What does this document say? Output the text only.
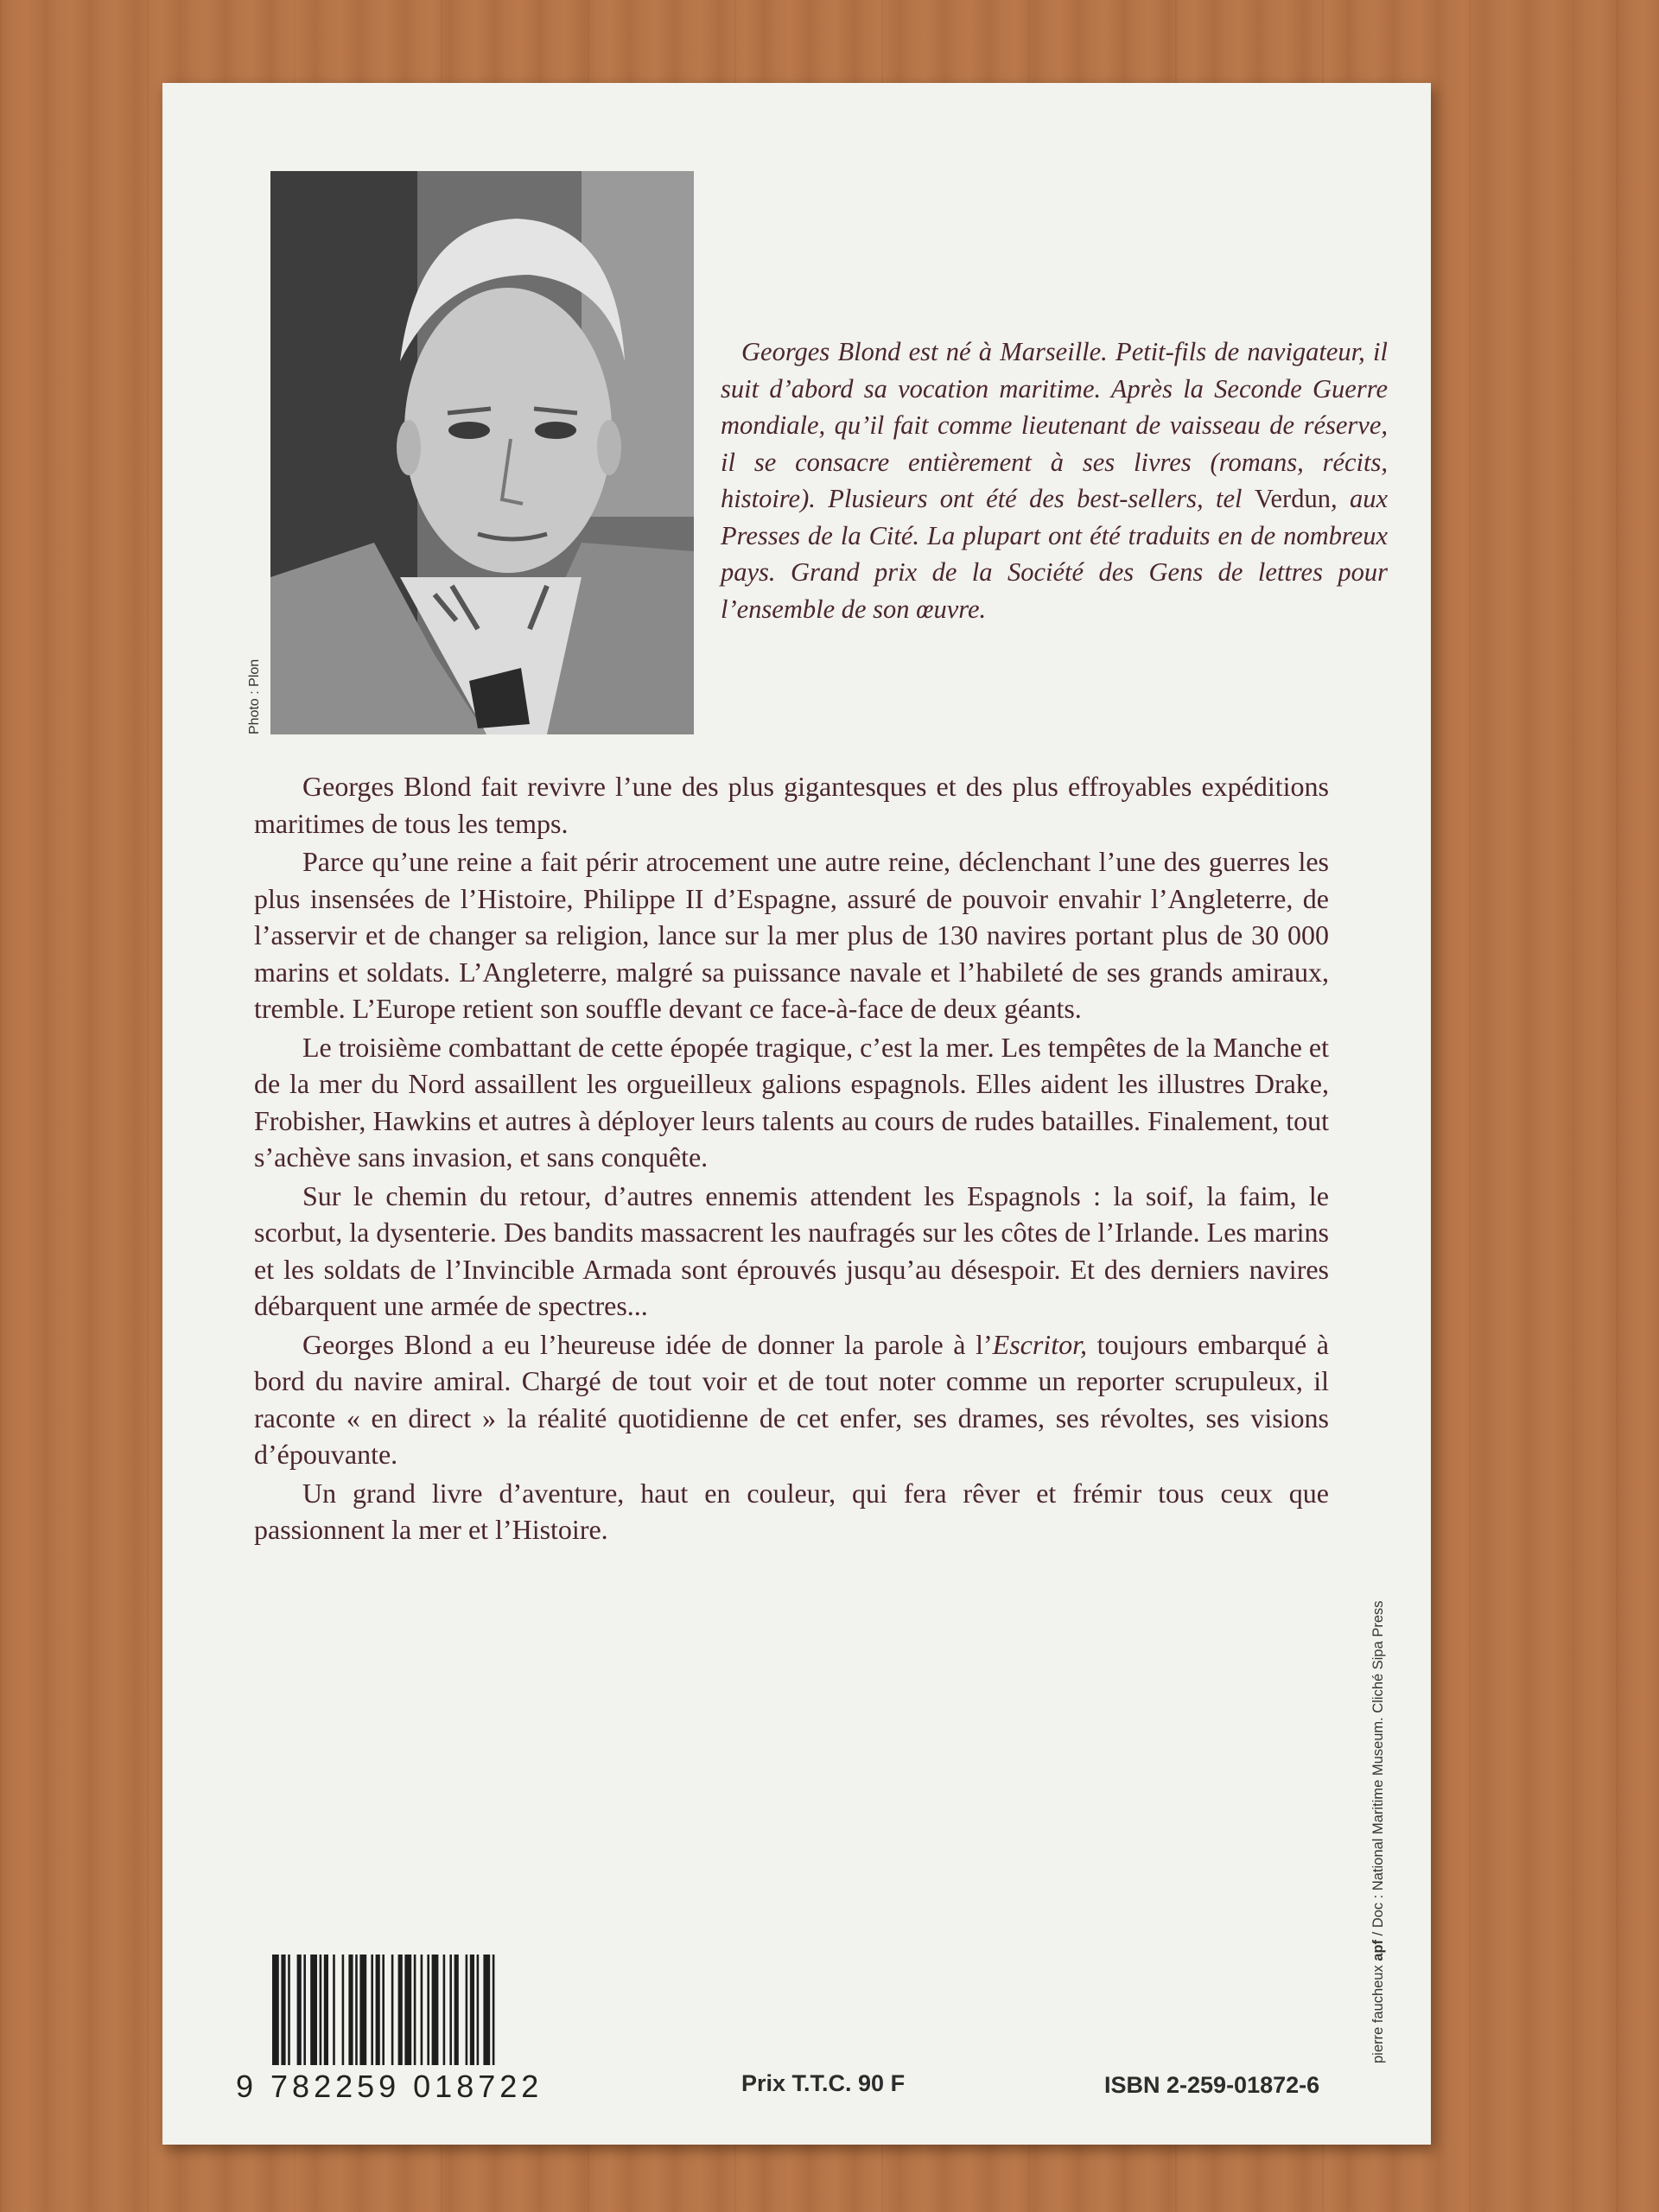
Photo : Plon
Georges Blond est né à Marseille. Petit-fils de navigateur, il suit d’abord sa vocation maritime. Après la Seconde Guerre mondiale, qu’il fait comme lieutenant de vaisseau de réserve, il se consacre entièrement à ses livres (romans, récits, histoire). Plusieurs ont été des best-sellers, tel Verdun, aux Presses de la Cité. La plupart ont été traduits en de nombreux pays. Grand prix de la Société des Gens de lettres pour l’ensemble de son œuvre.

Georges Blond fait revivre l’une des plus gigantesques et des plus effroyables expéditions maritimes de tous les temps.

Parce qu’une reine a fait périr atrocement une autre reine, déclenchant l’une des guerres les plus insensées de l’Histoire, Philippe II d’Espagne, assuré de pouvoir envahir l’Angleterre, de l’asservir et de changer sa religion, lance sur la mer plus de 130 navires portant plus de 30 000 marins et soldats. L’Angleterre, malgré sa puissance navale et l’habileté de ses grands amiraux, tremble. L’Europe retient son souffle devant ce face-à-face de deux géants.

Le troisième combattant de cette épopée tragique, c’est la mer. Les tempêtes de la Manche et de la mer du Nord assaillent les orgueilleux galions espagnols. Elles aident les illustres Drake, Frobisher, Hawkins et autres à déployer leurs talents au cours de rudes batailles. Finalement, tout s’achève sans invasion, et sans conquête.

Sur le chemin du retour, d’autres ennemis attendent les Espagnols : la soif, la faim, le scorbut, la dysenterie. Des bandits massacrent les naufragés sur les côtes de l’Irlande. Les marins et les soldats de l’Invincible Armada sont éprouvés jusqu’au désespoir. Et des derniers navires débarquent une armée de spectres...

Georges Blond a eu l’heureuse idée de donner la parole à l’Escritor, toujours embarqué à bord du navire amiral. Chargé de tout voir et de tout noter comme un reporter scrupuleux, il raconte « en direct » la réalité quotidienne de cet enfer, ses drames, ses révoltes, ses visions d’épouvante.

Un grand livre d’aventure, haut en couleur, qui fera rêver et frémir tous ceux que passionnent la mer et l’Histoire.

pierre faucheux apf / Doc : National Maritime Museum. Cliché Sipa Press
9 782259 018722	Prix T.T.C. 90 F	ISBN 2-259-01872-6
